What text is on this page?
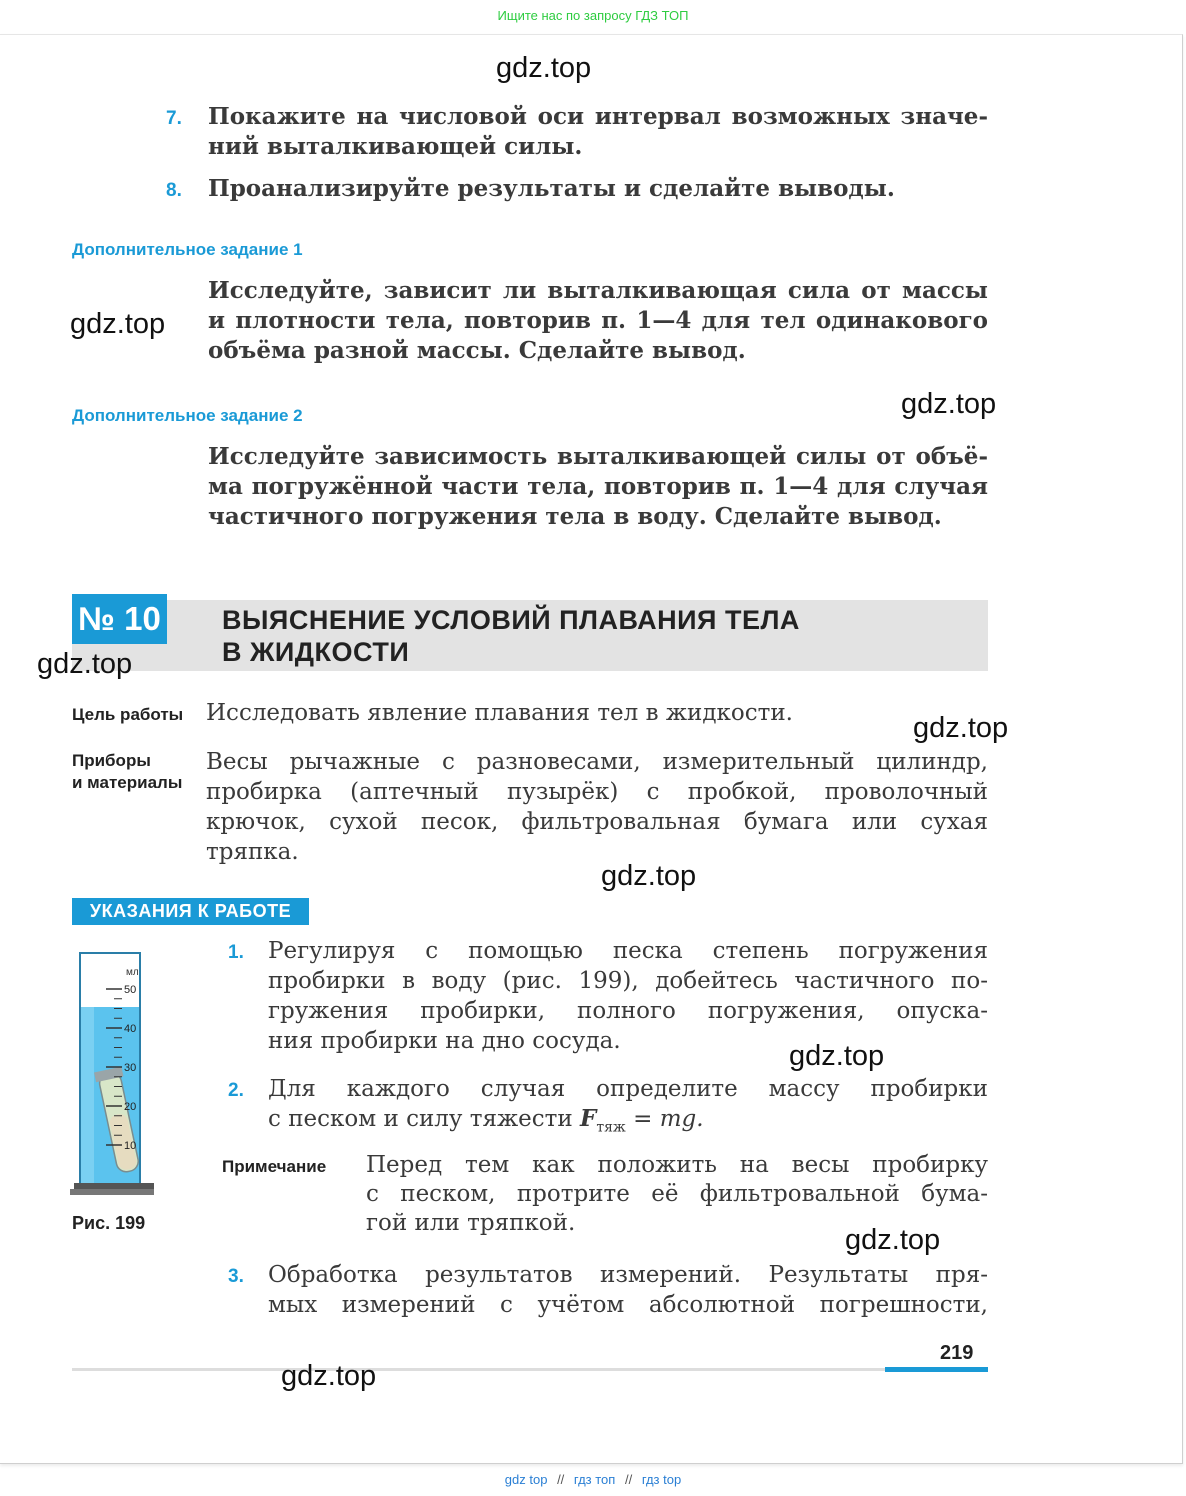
Ищите нас по запросу ГДЗ ТОП
7. Покажите на числовой оси интервал возможных значе-
ний выталкивающей силы.
8. Проанализируйте результаты и сделайте выводы.
Дополнительное задание 1
Исследуйте, зависит ли выталкивающая сила от массы
и плотности тела, повторив п. 1—4 для тел одинакового
объёма разной массы. Сделайте вывод.
Дополнительное задание 2
Исследуйте зависимость выталкивающей силы от объё-
ма погружённой части тела, повторив п. 1—4 для случая
частичного погружения тела в воду. Сделайте вывод.
№ 10 ВЫЯСНЕНИЕ УСЛОВИЙ ПЛАВАНИЯ ТЕЛА
В ЖИДКОСТИ
Цель работы Исследовать явление плавания тел в жидкости.
Приборы
и материалы
Весы рычажные с разновесами, измерительный цилиндр,
пробирка (аптечный пузырёк) с пробкой, проволочный
крючок, сухой песок, фильтровальная бумага или сухая
тряпка.
УКАЗАНИЯ К РАБОТЕ
мл
50
40
30
20
10
Рис. 199
1. Регулируя с помощью песка степень погружения
пробирки в воду (рис. 199), добейтесь частичного по-
гружения пробирки, полного погружения, опуска-
ния пробирки на дно сосуда.
2. Для каждого случая определите массу пробирки
с песком и силу тяжести $F_{тяж}$ = mg.
Примечание Перед тем как положить на весы пробирку
с песком, протрите её фильтровальной бума-
гой или тряпкой.
3. Обработка результатов измерений. Результаты пря-
мых измерений с учётом абсолютной погрешности,
219
gdz.top
gdz.top
gdz.top
gdz.top
gdz.top
gdz.top
gdz.top
gdz.top
gdz.top
gdz top // гдз топ // гдз top
